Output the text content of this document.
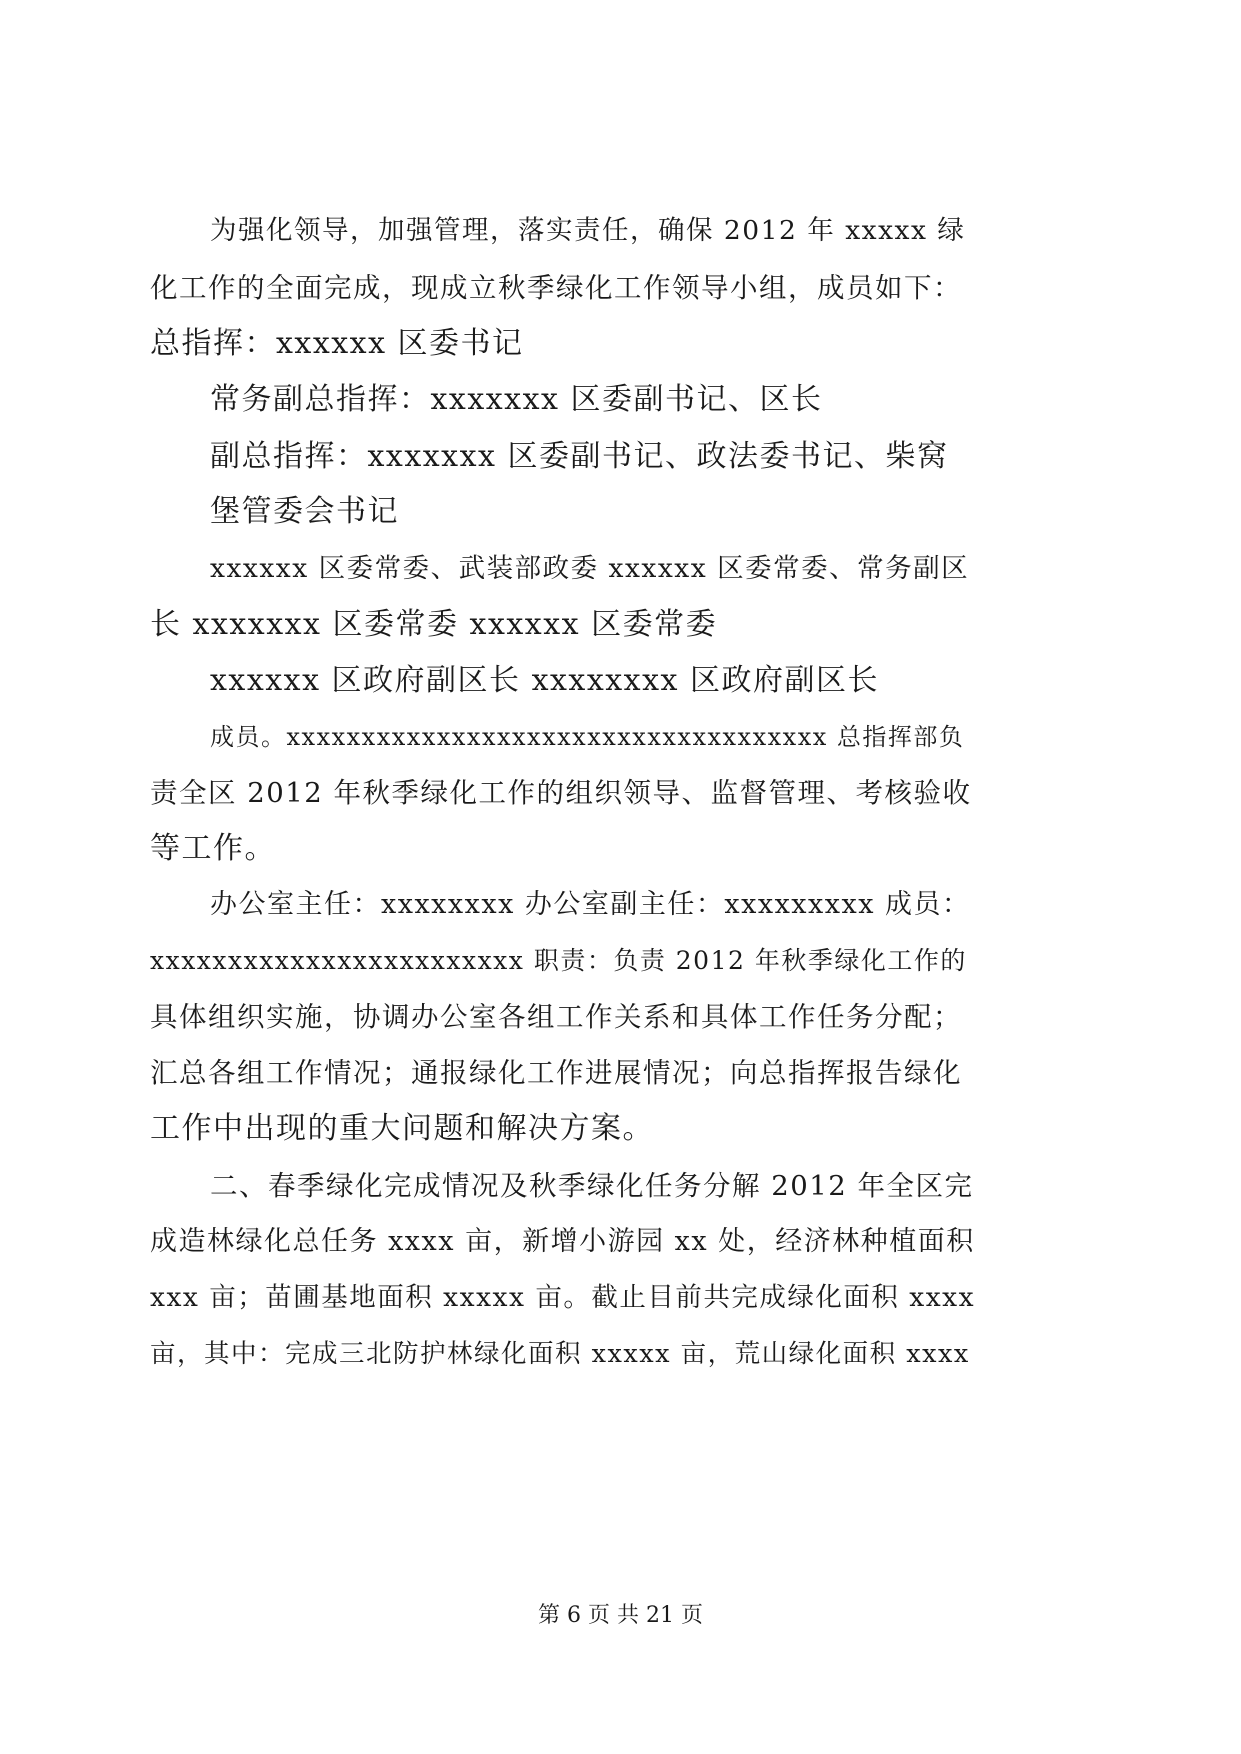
为强化领导，加强管理，落实责任，确保 2012 年 xxxxx 绿
化工作的全面完成，现成立秋季绿化工作领导小组，成员如下：
总指挥：xxxxxx 区委书记
常务副总指挥：xxxxxxx 区委副书记、区长
副总指挥：xxxxxxx 区委副书记、政法委书记、柴窝
堡管委会书记
xxxxxx 区委常委、武装部政委 xxxxxx 区委常委、常务副区
长 xxxxxxx 区委常委 xxxxxx 区委常委
xxxxxx 区政府副区长 xxxxxxxx 区政府副区长
成员。xxxxxxxxxxxxxxxxxxxxxxxxxxxxxxxxxxxx 总指挥部负
责全区 2012 年秋季绿化工作的组织领导、监督管理、考核验收
等工作。
办公室主任：xxxxxxxx 办公室副主任：xxxxxxxxx 成员：
xxxxxxxxxxxxxxxxxxxxxxxx 职责：负责 2012 年秋季绿化工作的
具体组织实施，协调办公室各组工作关系和具体工作任务分配；
汇总各组工作情况；通报绿化工作进展情况；向总指挥报告绿化
工作中出现的重大问题和解决方案。
二、春季绿化完成情况及秋季绿化任务分解 2012 年全区完
成造林绿化总任务 xxxx 亩，新增小游园 xx 处，经济林种植面积
xxx 亩；苗圃基地面积 xxxxx 亩。截止目前共完成绿化面积 xxxx
亩，其中：完成三北防护林绿化面积 xxxxx 亩，荒山绿化面积 xxxx
第 6 页 共 21 页
